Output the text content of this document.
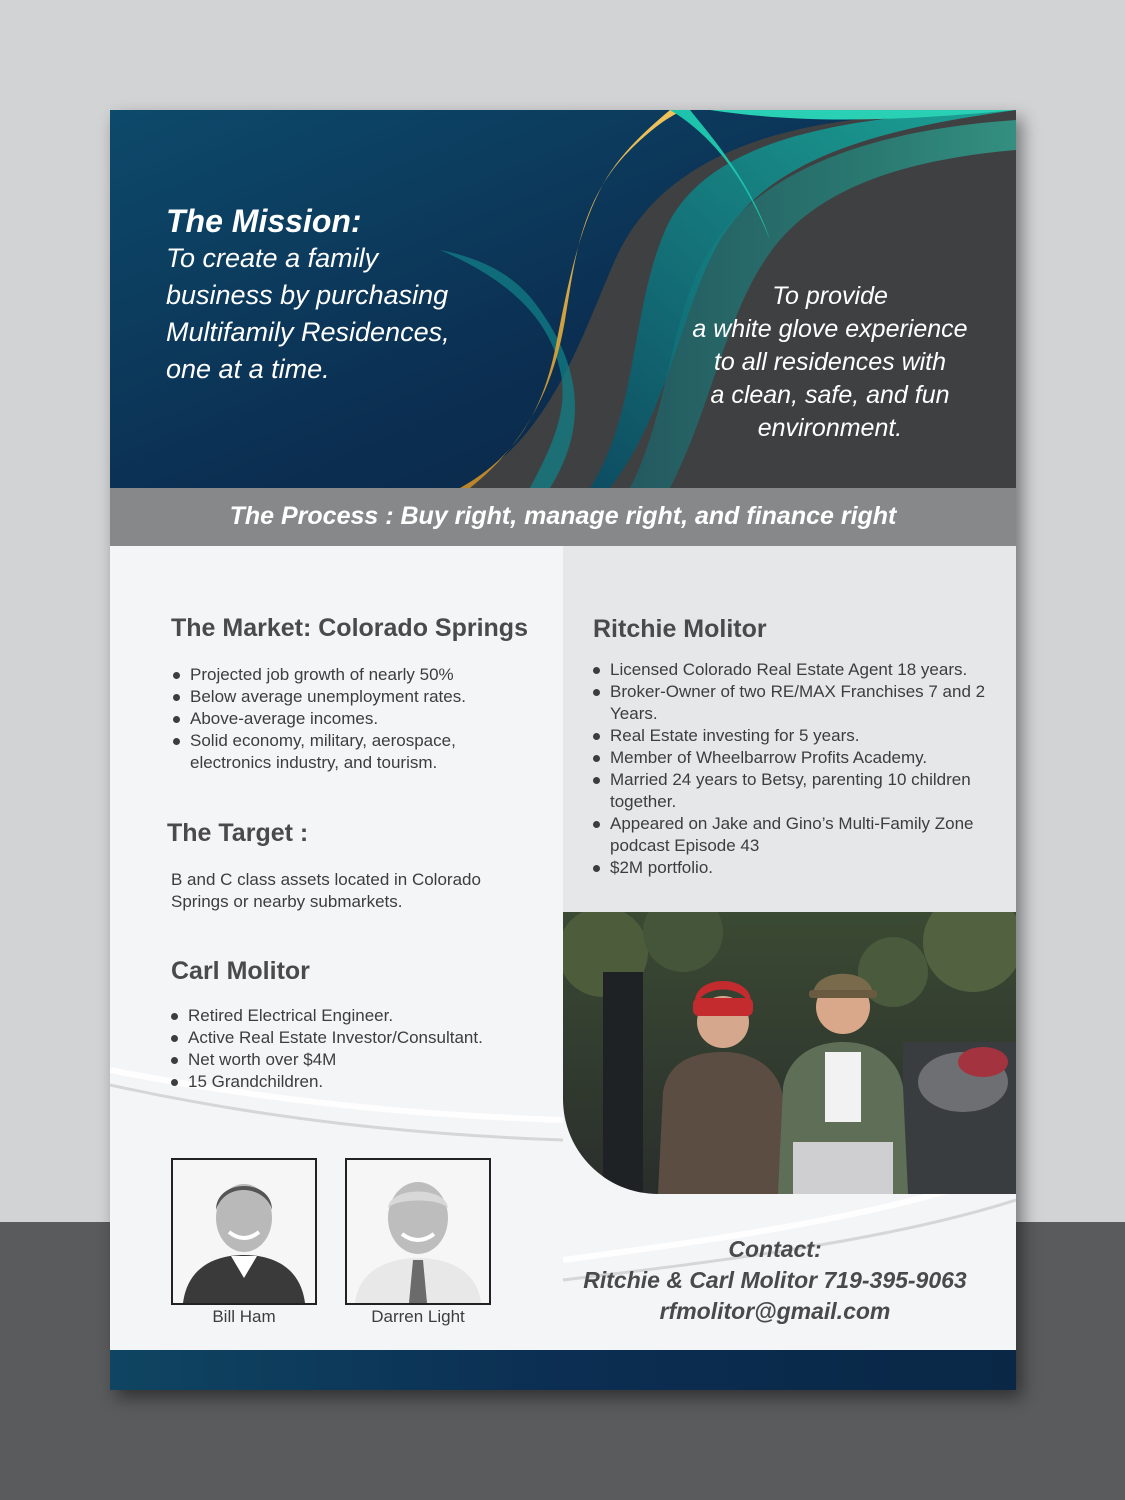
The Mission:
To create a family
business by purchasing
Multifamily Residences,
one at a time.
To provide
a white glove experience
to all residences with
a clean, safe, and fun
environment.
The Process : Buy right, manage right, and finance right
The Market: Colorado Springs
Projected job growth of nearly 50%
Below average unemployment rates.
Above-average incomes.
Solid economy, military, aerospace, electronics industry, and tourism.
The Target :
B and C class assets located in Colorado Springs or nearby submarkets.
Carl Molitor
Retired Electrical Engineer.
Active Real Estate Investor/Consultant.
Net worth over $4M
15 Grandchildren.
Ritchie Molitor
Licensed Colorado Real Estate Agent 18 years.
Broker-Owner of two RE/MAX Franchises 7 and 2 Years.
Real Estate investing for 5 years.
Member of Wheelbarrow Profits Academy.
Married 24 years to Betsy, parenting 10 children together.
Appeared on Jake and Gino’s Multi-Family Zone podcast Episode 43
$2M portfolio.
Bill Ham	Darren Light
Contact:
Ritchie & Carl Molitor 719-395-9063
rfmolitor@gmail.com
